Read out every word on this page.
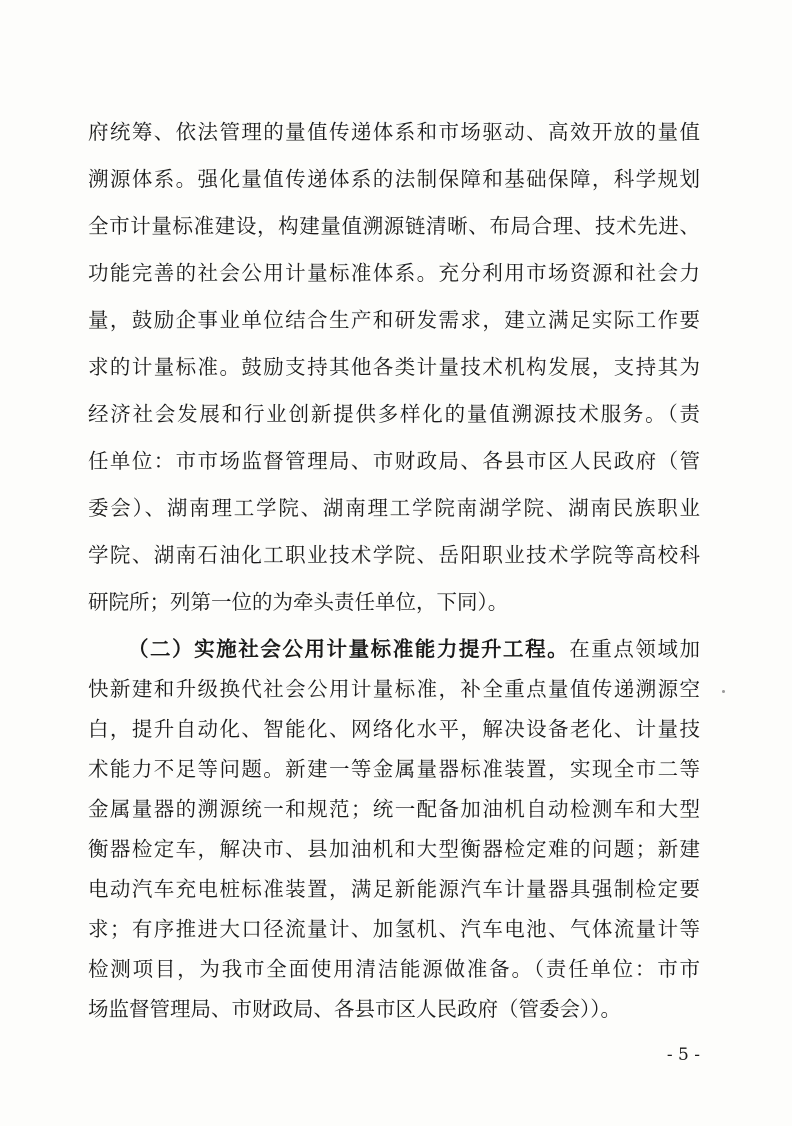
府统筹、依法管理的量值传递体系和市场驱动、高效开放的量值
溯源体系。强化量值传递体系的法制保障和基础保障，科学规划
全市计量标准建设，构建量值溯源链清晰、布局合理、技术先进、
功能完善的社会公用计量标准体系。充分利用市场资源和社会力
量，鼓励企事业单位结合生产和研发需求，建立满足实际工作要
求的计量标准。鼓励支持其他各类计量技术机构发展，支持其为
经济社会发展和行业创新提供多样化的量值溯源技术服务。（责
任单位：市市场监督管理局、市财政局、各县市区人民政府（管
委会）、湖南理工学院、湖南理工学院南湖学院、湖南民族职业
学院、湖南石油化工职业技术学院、岳阳职业技术学院等高校科
研院所；列第一位的为牵头责任单位，下同）。
（二）实施社会公用计量标准能力提升工程。在重点领域加
快新建和升级换代社会公用计量标准，补全重点量值传递溯源空
白，提升自动化、智能化、网络化水平，解决设备老化、计量技
术能力不足等问题。新建一等金属量器标准装置，实现全市二等
金属量器的溯源统一和规范；统一配备加油机自动检测车和大型
衡器检定车，解决市、县加油机和大型衡器检定难的问题；新建
电动汽车充电桩标准装置，满足新能源汽车计量器具强制检定要
求；有序推进大口径流量计、加氢机、汽车电池、气体流量计等
检测项目，为我市全面使用清洁能源做准备。（责任单位：市市
- 5 -
场监督管理局、市财政局、各县市区人民政府（管委会））。
